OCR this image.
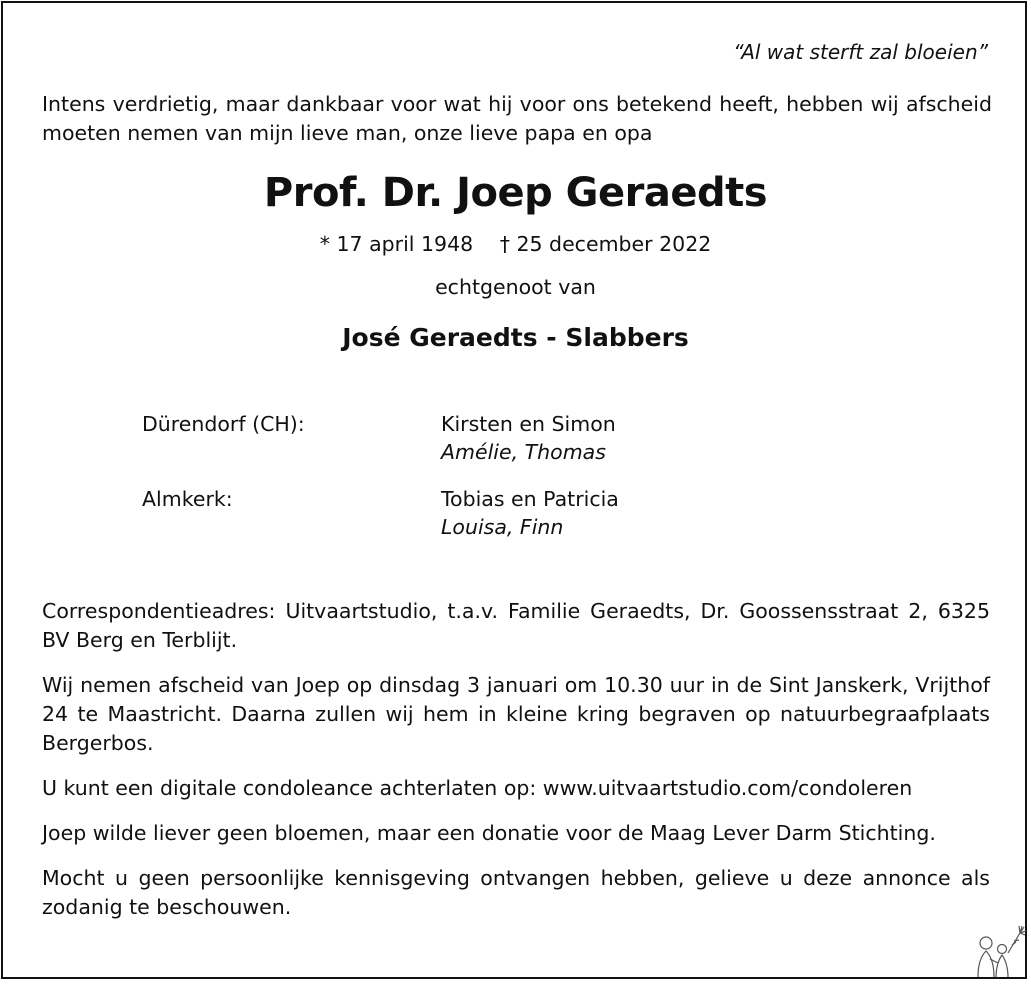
“Al wat sterft zal bloeien”
Intens verdrietig, maar dankbaar voor wat hij voor ons betekend heeft, hebben wij afscheid moeten nemen van mijn lieve man, onze lieve papa en opa
Prof. Dr. Joep Geraedts
* 17 april 1948 † 25 december 2022
echtgenoot van
José Geraedts - Slabbers
Dürendorf (CH):	Kirsten en Simon
Amélie, Thomas
Almkerk:	Tobias en Patricia
Louisa, Finn

Correspondentieadres: Uitvaartstudio, t.a.v. Familie Geraedts, Dr. Goossensstraat 2, 6325 BV Berg en Terblijt.

Wij nemen afscheid van Joep op dinsdag 3 januari om 10.30 uur in de Sint Janskerk, Vrijthof 24 te Maastricht. Daarna zullen wij hem in kleine kring begraven op natuurbegraafplaats Bergerbos.

U kunt een digitale condoleance achterlaten op: www.uitvaartstudio.com/condoleren

Joep wilde liever geen bloemen, maar een donatie voor de Maag Lever Darm Stichting.

Mocht u geen persoonlijke kennisgeving ontvangen hebben, gelieve u deze annonce als zodanig te beschouwen.
